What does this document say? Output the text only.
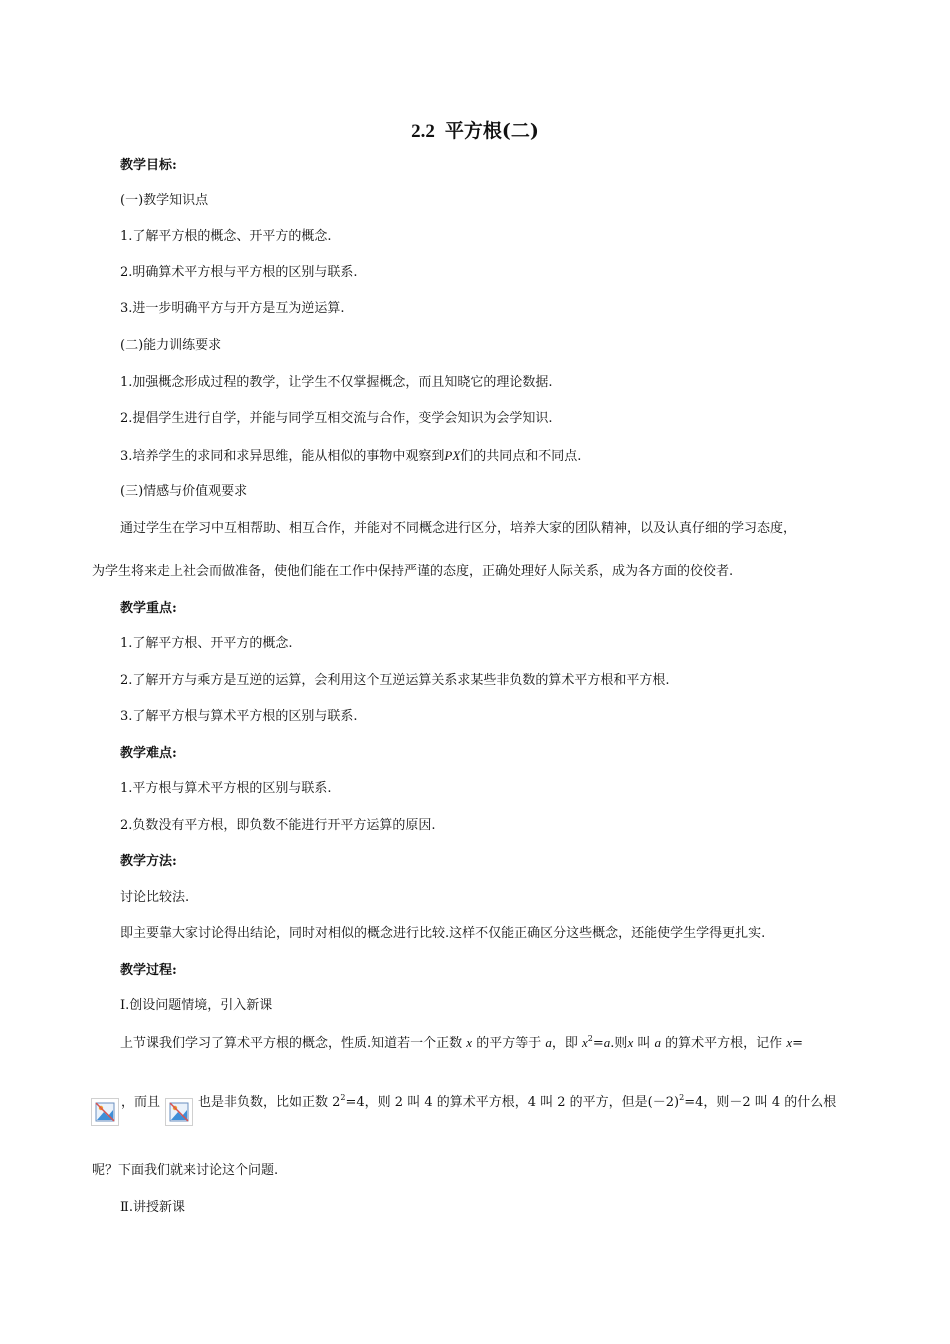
2.2 平方根(二)
教学目标:
(一)教学知识点
1.了解平方根的概念、开平方的概念.
2.明确算术平方根与平方根的区别与联系.
3.进一步明确平方与开方是互为逆运算.
(二)能力训练要求
1.加强概念形成过程的教学，让学生不仅掌握概念，而且知晓它的理论数据.
2.提倡学生进行自学，并能与同学互相交流与合作，变学会知识为会学知识.
3.培养学生的求同和求异思维，能从相似的事物中观察到PX们的共同点和不同点.
(三)情感与价值观要求
通过学生在学习中互相帮助、相互合作，并能对不同概念进行区分，培养大家的团队精神，以及认真仔细的学习态度，
为学生将来走上社会而做准备，使他们能在工作中保持严谨的态度，正确处理好人际关系，成为各方面的佼佼者.
教学重点:
1.了解平方根、开平方的概念.
2.了解开方与乘方是互逆的运算，会利用这个互逆运算关系求某些非负数的算术平方根和平方根.
3.了解平方根与算术平方根的区别与联系.
教学难点:
1.平方根与算术平方根的区别与联系.
2.负数没有平方根，即负数不能进行开平方运算的原因.
教学方法:
讨论比较法.
即主要靠大家讨论得出结论，同时对相似的概念进行比较.这样不仅能正确区分这些概念，还能使学生学得更扎实.
教学过程:
Ⅰ.创设问题情境，引入新课
上节课我们学习了算术平方根的概念，性质.知道若一个正数 x 的平方等于 a，即 $x^2=a$.则x 叫 a 的算术平方根，记作 x=
，而且	也是非负数，比如正数 $2^2=4$，则 2 叫 4 的算术平方根，4 叫 2 的平方，但是$(-2)^2=4$，则－2 叫 4 的什么根
呢？下面我们就来讨论这个问题.
Ⅱ.讲授新课
